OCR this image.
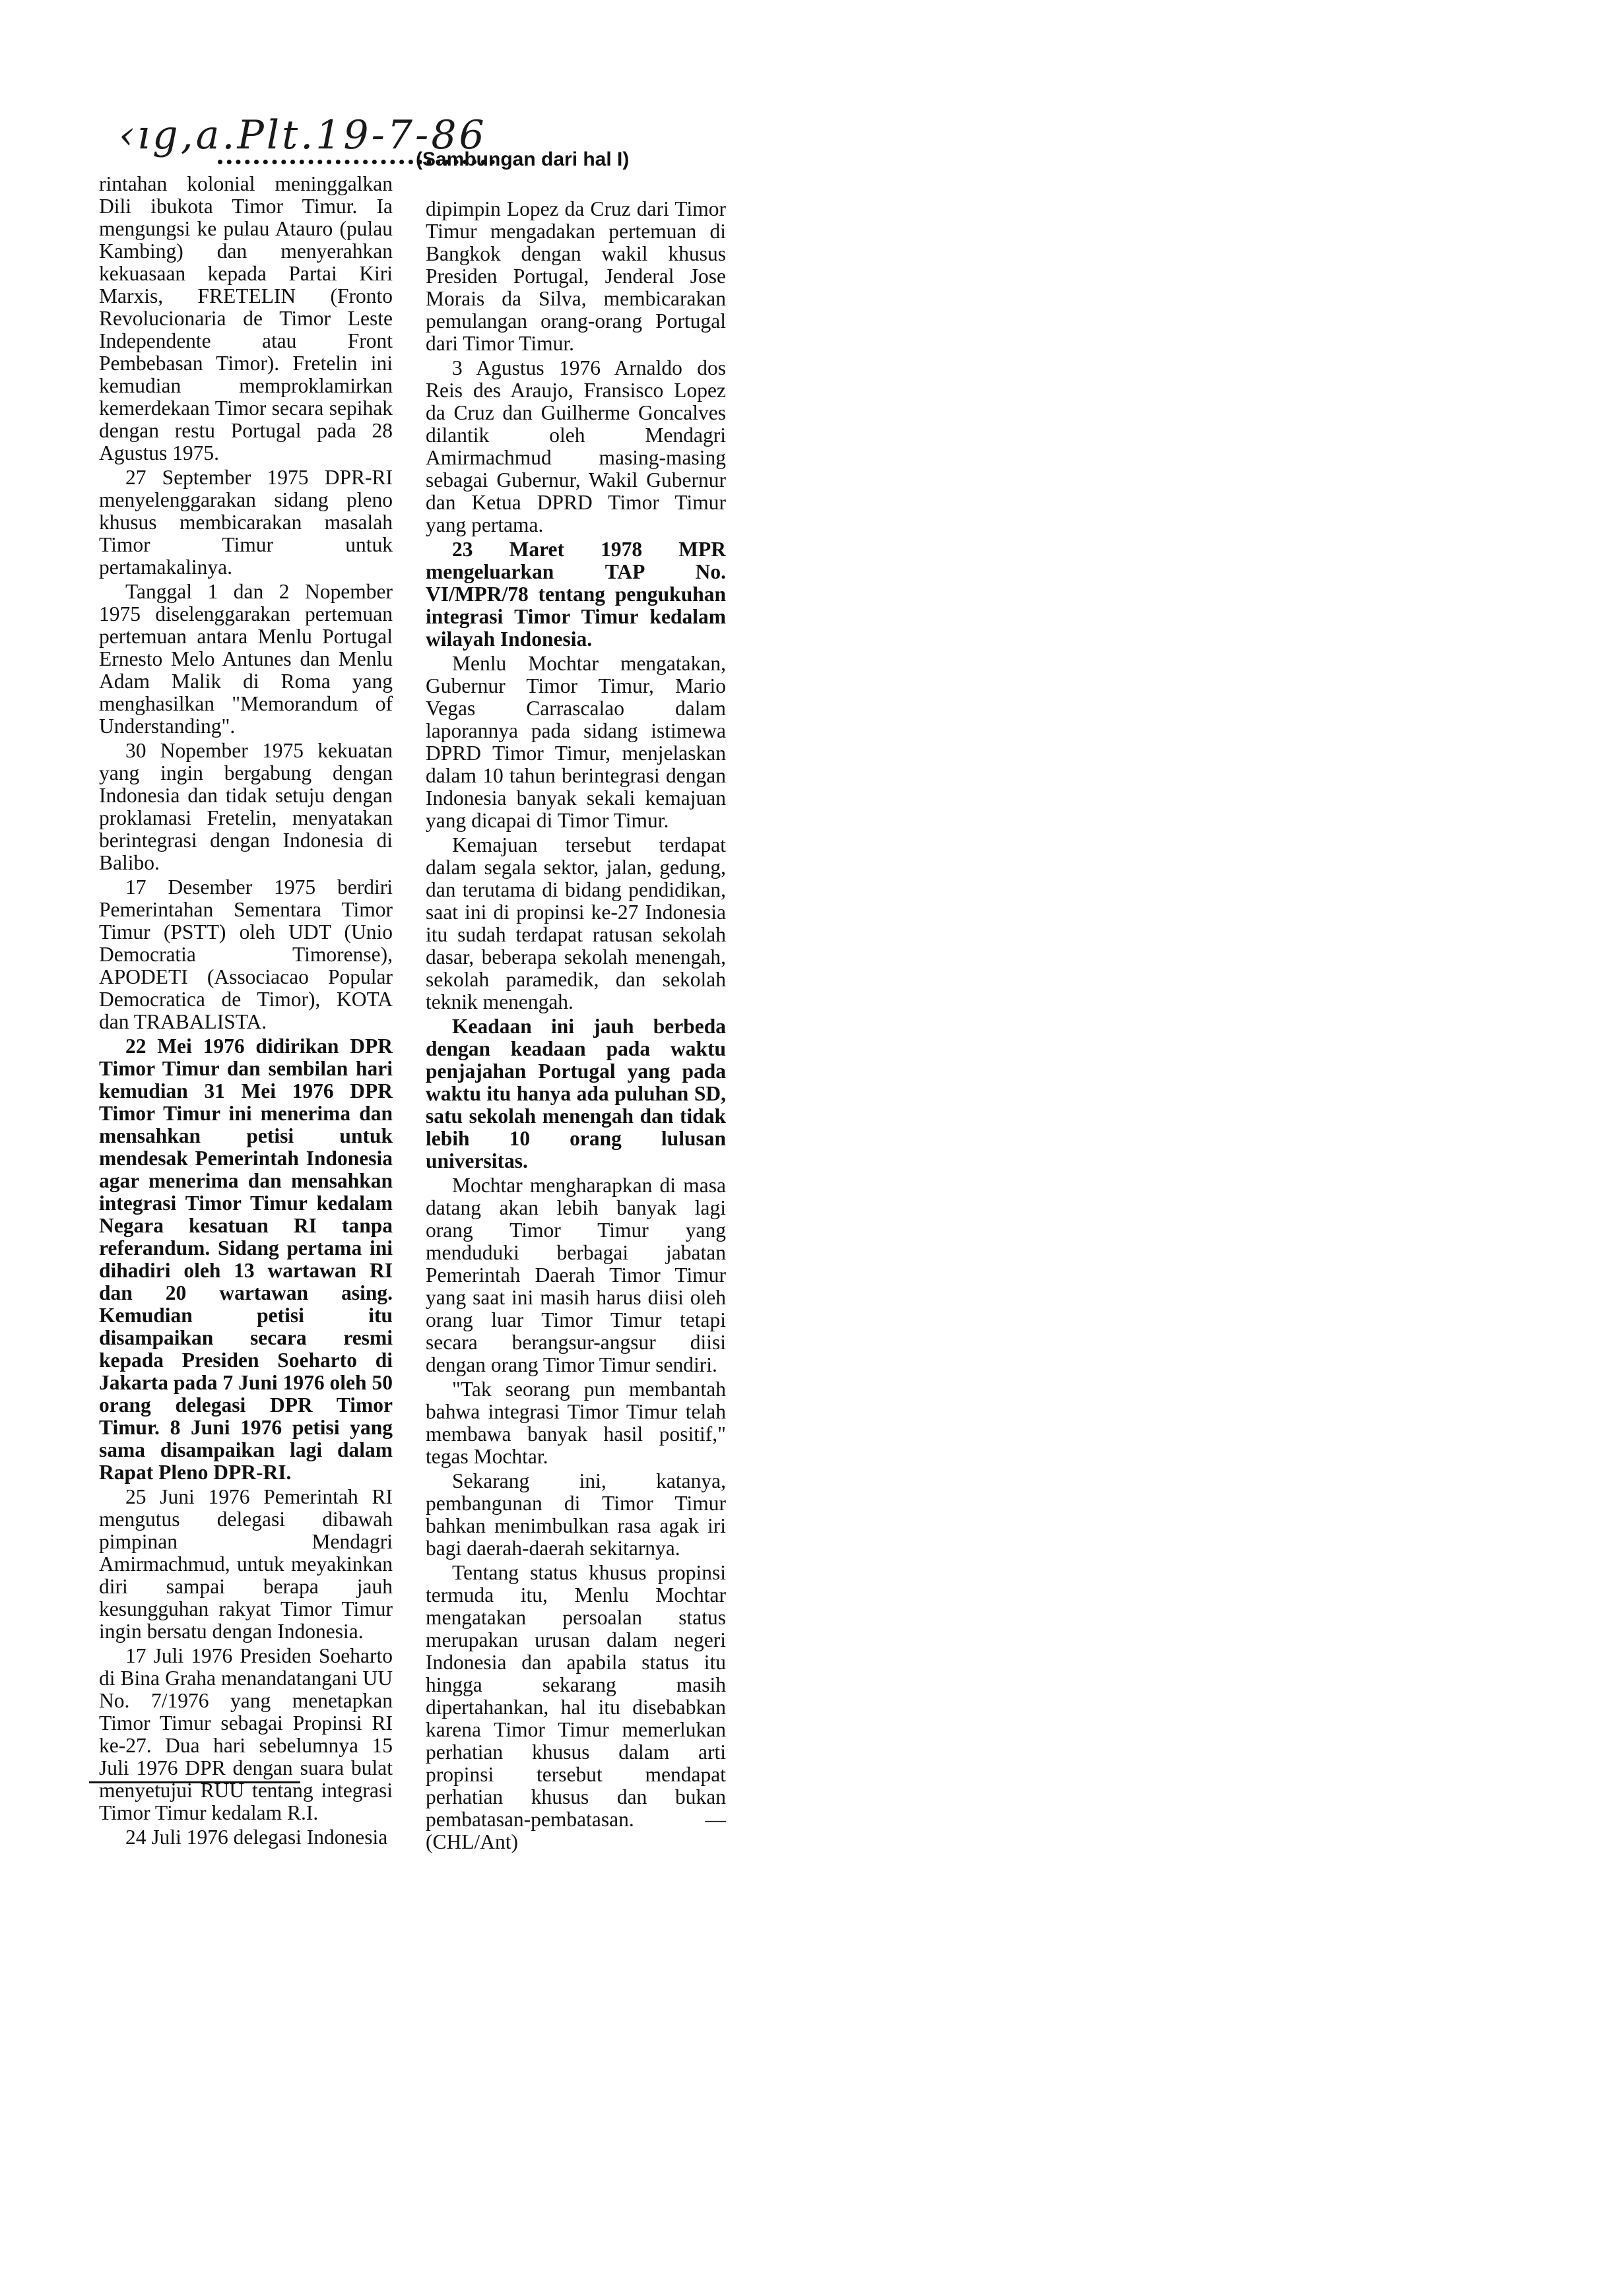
‹ıg,a.Plt.19-7-86
(Sambungan dari hal I)

rintahan kolonial meninggalkan Dili ibukota Timor Timur. Ia mengungsi ke pulau Atauro (pulau Kambing) dan menyerahkan kekuasaan kepada Partai Kiri Marxis, FRETELIN (Fronto Revolucionaria de Timor Leste Independente atau Front Pembebasan Timor). Fretelin ini kemudian memproklamirkan kemerdekaan Timor secara sepihak dengan restu Portugal pada 28 Agustus 1975.

27 September 1975 DPR-RI menyelenggarakan sidang pleno khusus membicarakan masalah Timor Timur untuk pertamakalinya.

Tanggal 1 dan 2 Nopember 1975 diselenggarakan pertemuan pertemuan antara Menlu Portugal Ernesto Melo Antunes dan Menlu Adam Malik di Roma yang menghasilkan "Memorandum of Understanding".

30 Nopember 1975 kekuatan yang ingin bergabung dengan Indonesia dan tidak setuju dengan proklamasi Fretelin, menyatakan berintegrasi dengan Indonesia di Balibo.

17 Desember 1975 berdiri Pemerintahan Sementara Timor Timur (PSTT) oleh UDT (Unio Democratia Timorense), APODETI (Associacao Popular Democratica de Timor), KOTA dan TRABALISTA.

22 Mei 1976 didirikan DPR Timor Timur dan sembilan hari kemudian 31 Mei 1976 DPR Timor Timur ini menerima dan mensahkan petisi untuk mendesak Pemerintah Indonesia agar menerima dan mensahkan integrasi Timor Timur kedalam Negara kesatuan RI tanpa referandum. Sidang pertama ini dihadiri oleh 13 wartawan RI dan 20 wartawan asing. Kemudian petisi itu disampaikan secara resmi kepada Presiden Soeharto di Jakarta pada 7 Juni 1976 oleh 50 orang delegasi DPR Timor Timur. 8 Juni 1976 petisi yang sama disampaikan lagi dalam Rapat Pleno DPR-RI.

25 Juni 1976 Pemerintah RI mengutus delegasi dibawah pimpinan Mendagri Amirmachmud, untuk meyakinkan diri sampai berapa jauh kesungguhan rakyat Timor Timur ingin bersatu dengan Indonesia.

17 Juli 1976 Presiden Soeharto di Bina Graha menandatangani UU No. 7/1976 yang menetapkan Timor Timur sebagai Propinsi RI ke-27. Dua hari sebelumnya 15 Juli 1976 DPR dengan suara bulat menyetujui RUU tentang integrasi Timor Timur kedalam R.I.

24 Juli 1976 delegasi Indonesia

dipimpin Lopez da Cruz dari Timor Timur mengadakan pertemuan di Bangkok dengan wakil khusus Presiden Portugal, Jenderal Jose Morais da Silva, membicarakan pemulangan orang-orang Portugal dari Timor Timur.

3 Agustus 1976 Arnaldo dos Reis des Araujo, Fransisco Lopez da Cruz dan Guilherme Goncalves dilantik oleh Mendagri Amirmachmud masing-masing sebagai Gubernur, Wakil Gubernur dan Ketua DPRD Timor Timur yang pertama.

23 Maret 1978 MPR mengeluarkan TAP No. VI/MPR/78 tentang pengukuhan integrasi Timor Timur kedalam wilayah Indonesia.

Menlu Mochtar mengatakan, Gubernur Timor Timur, Mario Vegas Carrascalao dalam laporannya pada sidang istimewa DPRD Timor Timur, menjelaskan dalam 10 tahun berintegrasi dengan Indonesia banyak sekali kemajuan yang dicapai di Timor Timur.

Kemajuan tersebut terdapat dalam segala sektor, jalan, gedung, dan terutama di bidang pendidikan, saat ini di propinsi ke-27 Indonesia itu sudah terdapat ratusan sekolah dasar, beberapa sekolah menengah, sekolah paramedik, dan sekolah teknik menengah.

Keadaan ini jauh berbeda dengan keadaan pada waktu penjajahan Portugal yang pada waktu itu hanya ada puluhan SD, satu sekolah menengah dan tidak lebih 10 orang lulusan universitas.

Mochtar mengharapkan di masa datang akan lebih banyak lagi orang Timor Timur yang menduduki berbagai jabatan Pemerintah Daerah Timor Timur yang saat ini masih harus diisi oleh orang luar Timor Timur tetapi secara berangsur-angsur diisi dengan orang Timor Timur sendiri.

"Tak seorang pun membantah bahwa integrasi Timor Timur telah membawa banyak hasil positif," tegas Mochtar.

Sekarang ini, katanya, pembangunan di Timor Timur bahkan menimbulkan rasa agak iri bagi daerah-daerah sekitarnya.

Tentang status khusus propinsi termuda itu, Menlu Mochtar mengatakan persoalan status merupakan urusan dalam negeri Indonesia dan apabila status itu hingga sekarang masih dipertahankan, hal itu disebabkan karena Timor Timur memerlukan perhatian khusus dalam arti propinsi tersebut mendapat perhatian khusus dan bukan pembatasan-pembatasan. — (CHL/Ant)
